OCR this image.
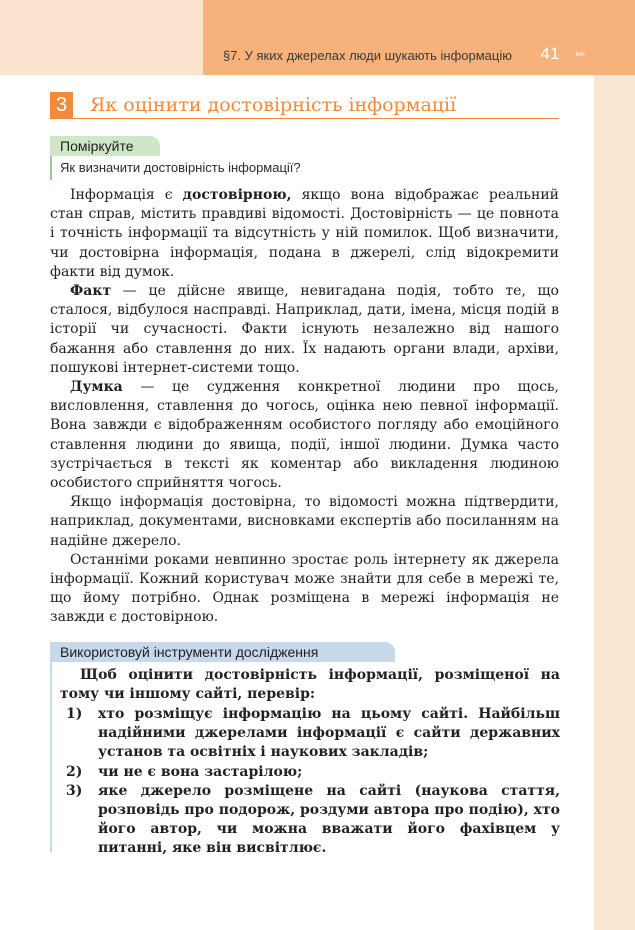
§7. У яких джерелах люди шукають інформацію	41	▸▸
3	Як оцінити достовірність інформації
Поміркуйте
Як визначити достовірність інформації?

Інформація є достовірною, якщо вона відображає реальний стан справ, містить правдиві відомості. Достовірність — це повнота і точність інформації та відсутність у ній помилок. Щоб визначити, чи достовірна інформація, подана в джерелі, слід відокремити факти від думок.

Факт — це дійсне явище, невигадана подія, тобто те, що сталося, відбулося насправді. Наприклад, дати, імена, місця подій в історії чи сучасності. Факти існують незалежно від нашого бажання або ставлення до них. Їх надають органи влади, архіви, пошукові інтернет-системи тощо.

Думка — це судження конкретної людини про щось, висловлення, ставлення до чогось, оцінка нею певної інформації. Вона завжди є відображенням особистого погляду або емоційного ставлення людини до явища, події, іншої людини. Думка часто зустрічається в тексті як коментар або викладення людиною особистого сприйняття чогось.

Якщо інформація достовірна, то відомості можна підтвердити, наприклад, документами, висновками експертів або посиланням на надійне джерело.

Останніми роками невпинно зростає роль інтернету як джерела інформації. Кожний користувач може знайти для себе в мережі те, що йому потрібно. Однак розміщена в мережі інформація не завжди є достовірною.

Використовуй інструменти дослідження

Щоб оцінити достовірність інформації, розміщеної на тому чи іншому сайті, перевір:

1) хто розміщує інформацію на цьому сайті. Найбільш надійними джерелами інформації є сайти державних установ та освітніх і наукових закладів;
2) чи не є вона застарілою;
3) яке джерело розміщене на сайті (наукова стаття, розповідь про подорож, роздуми автора про подію), хто його автор, чи можна вважати його фахівцем у питанні, яке він висвітлює.
